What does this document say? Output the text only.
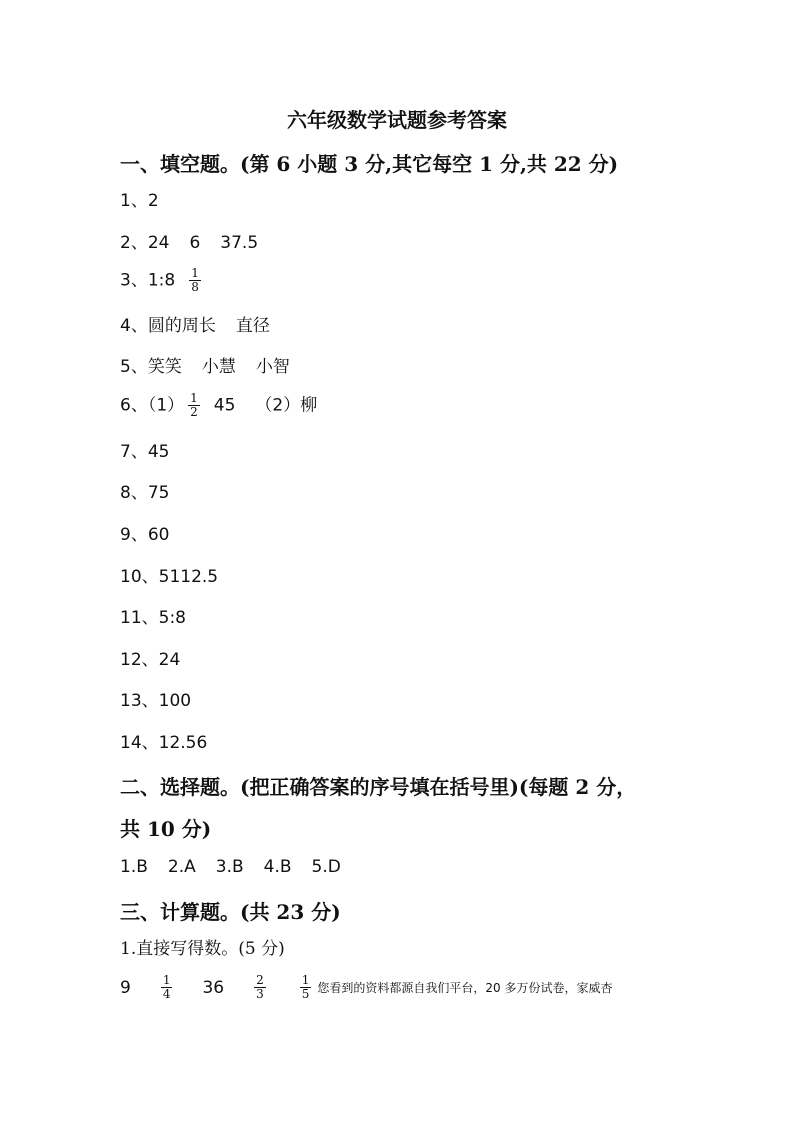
六年级数学试题参考答案
一、填空题。(第 6 小题 3 分,其它每空 1 分,共 22 分)
1、2
2、24 6 37.5
3、1:8 $\frac{1}{8}$
4、圆的周长 直径
5、笑笑 小慧 小智
6、$(1) \frac{1}{2} 45$ （2）柳
7、45
8、75
9、60
10、5112.5
11、5:8
12、24
13、100
14、12.56
二、选择题。(把正确答案的序号填在括号里)(每题 2 分，
共 10 分)
1.B 2.A 3.B 4.B 5.D
三、计算题。(共 23 分)
1.直接写得数。(5 分)
9	$\frac{1}{4} 36$	$\frac{2}{3}$	$\frac{1}{5}$ 您看到的资料都源自我们平台，20 多万份试卷，家威杏
